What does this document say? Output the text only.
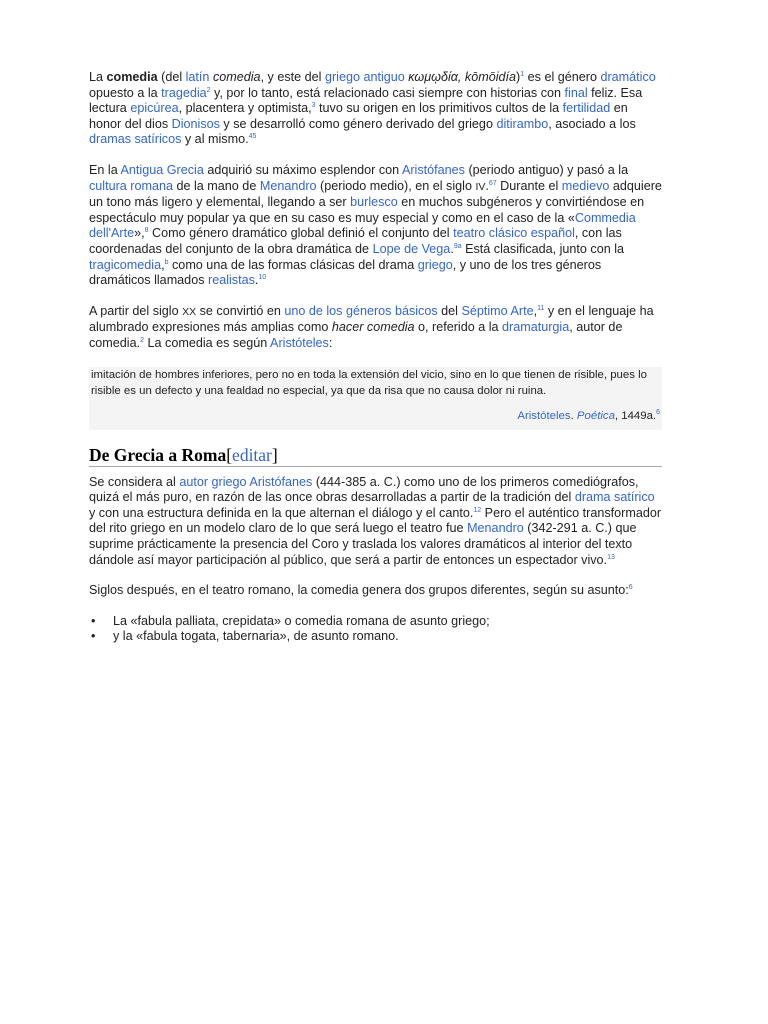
La comedia (del latín comedia, y este del griego antiguo κωμῳδία, kōmōidía)$^1$ es el género dramático opuesto a la tragedia$^2$ y, por lo tanto, está relacionado casi siempre con historias con final feliz. Esa lectura epicúrea, placentera y optimista,$^3$ tuvo su origen en los primitivos cultos de la fertilidad en honor del dios Dionisos y se desarrolló como género derivado del griego ditirambo, asociado a los dramas satíricos y al mismo.$^{45}$

En la Antigua Grecia adquirió su máximo esplendor con Aristófanes (periodo antiguo) y pasó a la cultura romana de la mano de Menandro (periodo medio), en el siglo IV.$^{67}$ Durante el medievo adquiere un tono más ligero y elemental, llegando a ser burlesco en muchos subgéneros y convirtiéndose en espectáculo muy popular ya que en su caso es muy especial y como en el caso de la «Commedia dell'Arte»,$^8$ Como género dramático global definió el conjunto del teatro clásico español, con las coordenadas del conjunto de la obra dramática de Lope de Vega.$^{9a}$ Está clasificada, junto con la tragicomedia,$^b$ como una de las formas clásicas del drama griego, y uno de los tres géneros dramáticos llamados realistas.$^{10}$

A partir del siglo XX se convirtió en uno de los géneros básicos del Séptimo Arte,$^{11}$ y en el lenguaje ha alumbrado expresiones más amplias como hacer comedia o, referido a la dramaturgia, autor de comedia.$^2$ La comedia es según Aristóteles:

imitación de hombres inferiores, pero no en toda la extensión del vicio, sino en lo que tienen de risible, pues lo risible es un defecto y una fealdad no especial, ya que da risa que no causa dolor ni ruina.
Aristóteles. Poética, 1449a.$^6$
De Grecia a Roma[editar]

Se considera al autor griego Aristófanes (444-385 a. C.) como uno de los primeros comediógrafos, quizá el más puro, en razón de las once obras desarrolladas a partir de la tradición del drama satírico y con una estructura definida en la que alternan el diálogo y el canto.$^{12}$ Pero el auténtico transformador del rito griego en un modelo claro de lo que será luego el teatro fue Menandro (342-291 a. C.) que suprime prácticamente la presencia del Coro y traslada los valores dramáticos al interior del texto dándole así mayor participación al público, que será a partir de entonces un espectador vivo.$^{13}$

Siglos después, en el teatro romano, la comedia genera dos grupos diferentes, según su asunto:$^6$

• La «fabula palliata, crepidata» o comedia romana de asunto griego;
• y la «fabula togata, tabernaria», de asunto romano.
